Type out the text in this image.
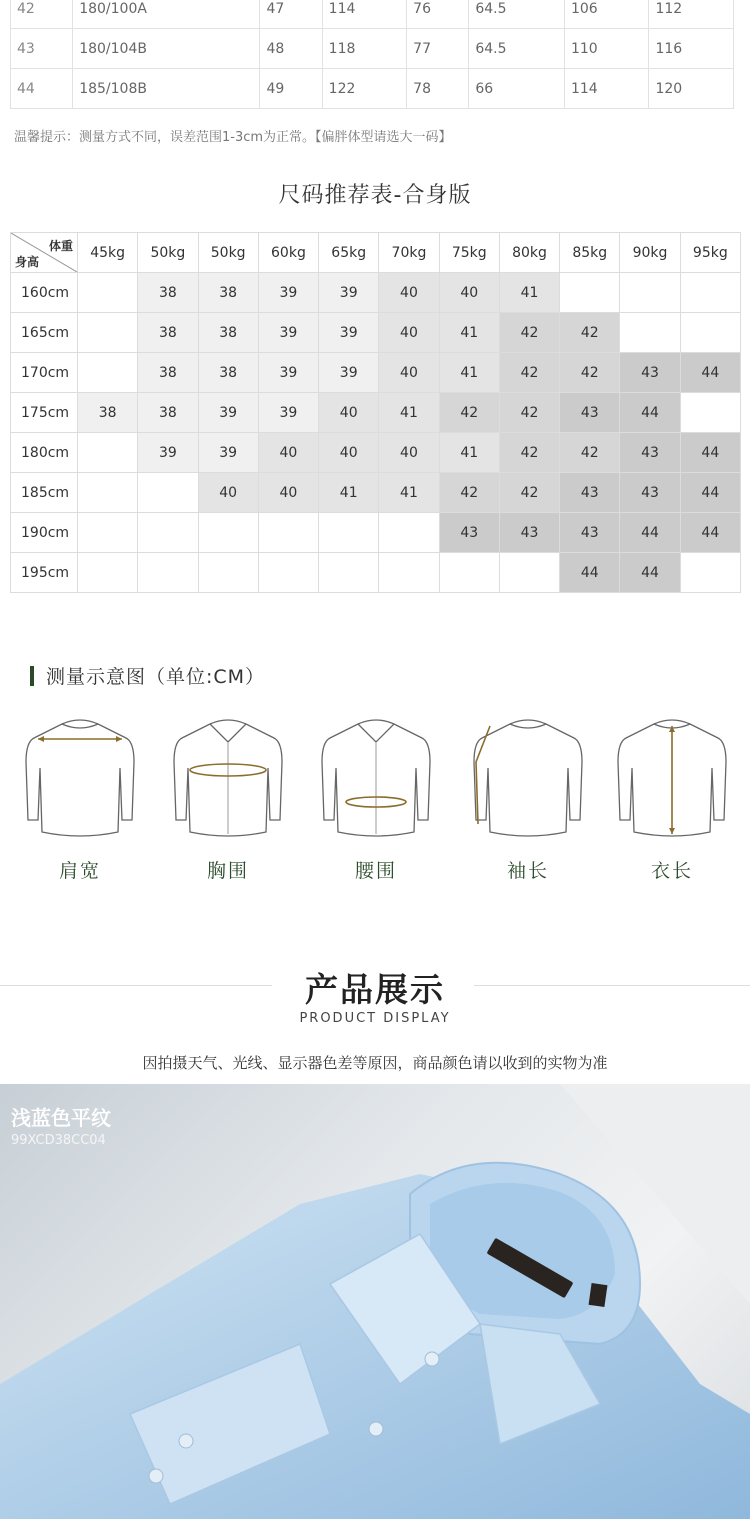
42	180/100A	47	114	76	64.5	106	112
43	180/104B	48	118	77	64.5	110	116
44	185/108B	49	122	78	66	114	120
温馨提示：测量方式不同，误差范围1-3cm为正常。【偏胖体型请选大一码】
尺码推荐表-合身版
体重
身高	45kg	50kg	50kg	60kg	65kg	70kg	75kg	80kg	85kg	90kg	95kg
160cm		38	38	39	39	40	40	41			
165cm		38	38	39	39	40	41	42	42		
170cm		38	38	39	39	40	41	42	42	43	44
175cm	38	38	39	39	40	41	42	42	43	44	
180cm		39	39	40	40	40	41	42	42	43	44
185cm			40	40	41	41	42	42	43	43	44
190cm							43	43	43	44	44
195cm									44	44	
测量示意图（单位:CM）
肩宽	胸围	腰围	袖长	衣长
产品展示
PRODUCT DISPLAY
因拍摄天气、光线、显示器色差等原因，商品颜色请以收到的实物为准
浅蓝色平纹
99XCD38CC04
